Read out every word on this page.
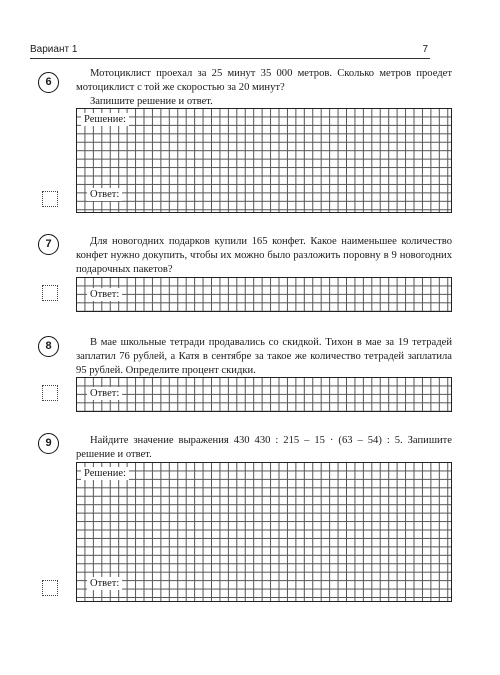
Вариант 1	7
6
Мотоциклист проехал за 25 минут 35 000 метров. Сколько метров проедет мотоциклист с той же скоростью за 20 минут?
Запишите решение и ответ.
Решение:
Ответ:
7	Для новогодних подарков купили 165 конфет. Какое наименьшее количество конфет нужно докупить, чтобы их можно было разложить поровну в 9 новогодних подарочных пакетов?
Ответ:
8	В мае школьные тетради продавались со скидкой. Тихон в мае за 19 тетрадей заплатил 76 рублей, а Катя в сентябре за такое же количество тетрадей заплатила 95 рублей. Определите процент скидки.
Ответ:
9	Найдите значение выражения 430 430 : 215 – 15 · (63 – 54) : 5. Запишите решение и ответ.
Решение:
Ответ:
